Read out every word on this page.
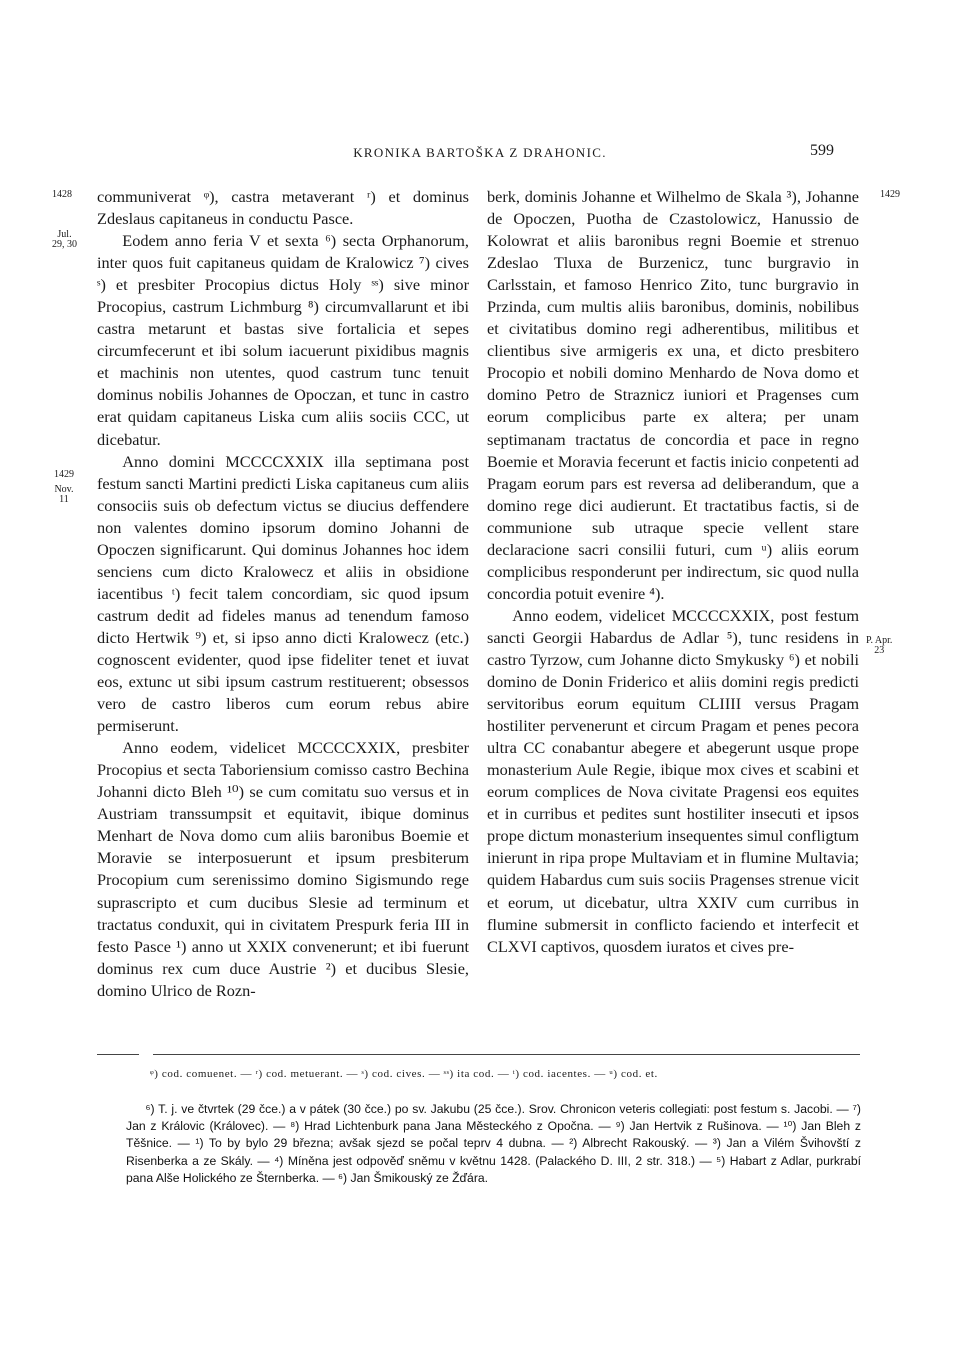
KRONIKA BARTOŠKA Z DRAHONIC.	599
1428
Jul.
29, 30
1429
Nov.
11
1429
P. Apr.
23

communiverat ᵠ), castra metaverant ʳ) et dominus Zdeslaus capitaneus in conductu Pasce.

Eodem anno feria V et sexta ⁶) secta Orphanorum, inter quos fuit capitaneus quidam de Kralowicz ⁷) cives ˢ) et presbiter Procopius dictus Holy ˢˢ) sive minor Procopius, castrum Lichmburg ⁸) circumvallarunt et ibi castra metarunt et bastas sive fortalicia et sepes circumfecerunt et ibi solum iacuerunt pixidibus magnis et machinis non utentes, quod castrum tunc tenuit dominus nobilis Johannes de Opoczan, et tunc in castro erat quidam capitaneus Liska cum aliis sociis CCC, ut dicebatur.

Anno domini MCCCCXXIX illa septimana post festum sancti Martini predicti Liska capitaneus cum aliis consociis suis ob defectum victus se diucius deffendere non valentes domino ipsorum domino Johanni de Opoczen significarunt. Qui dominus Johannes hoc idem senciens cum dicto Kralowecz et aliis in obsidione iacentibus ᵗ) fecit talem concordiam, sic quod ipsum castrum dedit ad fideles manus ad tenendum famoso dicto Hertwik ⁹) et, si ipso anno dicti Kralowecz (etc.) cognoscent evidenter, quod ipse fideliter tenet et iuvat eos, extunc ut sibi ipsum castrum restituerent; obsessos vero de castro liberos cum eorum rebus abire permiserunt.

Anno eodem, videlicet MCCCCXXIX, presbiter Procopius et secta Taboriensium comisso castro Bechina Johanni dicto Bleh ¹⁰) se cum comitatu suo versus et in Austriam transsumpsit et equitavit, ibique dominus Menhart de Nova domo cum aliis baronibus Boemie et Moravie se interposuerunt et ipsum presbiterum Procopium cum serenissimo domino Sigismundo rege suprascripto et cum ducibus Slesie ad terminum et tractatus conduxit, qui in civitatem Prespurk feria III in festo Pasce ¹) anno ut XXIX convenerunt; et ibi fuerunt dominus rex cum duce Austrie ²) et ducibus Slesie, domino Ulrico de Rozn-

berk, dominis Johanne et Wilhelmo de Skala ³), Johanne de Opoczen, Puotha de Czastolowicz, Hanussio de Kolowrat et aliis baronibus regni Boemie et strenuo Zdeslao Tluxa de Burzenicz, tunc burgravio in Carlsstain, et famoso Henrico Zito, tunc burgravio in Przinda, cum multis aliis baronibus, dominis, nobilibus et civitatibus domino regi adherentibus, militibus et clientibus sive armigeris ex una, et dicto presbitero Procopio et nobili domino Menhardo de Nova domo et domino Petro de Straznicz iuniori et Pragenses cum eorum complicibus parte ex altera; per unam septimanam tractatus de concordia et pace in regno Boemie et Moravia fecerunt et factis inicio conpetenti ad Pragam eorum pars est reversa ad deliberandum, que a domino rege dici audierunt. Et tractatibus factis, si de communione sub utraque specie vellent stare declaracione sacri consilii futuri, cum ᵘ) aliis eorum complicibus responderunt per indirectum, sic quod nulla concordia potuit evenire ⁴).

Anno eodem, videlicet MCCCCXXIX, post festum sancti Georgii Habardus de Adlar ⁵), tunc residens in castro Tyrzow, cum Johanne dicto Smykusky ⁶) et nobili domino de Donin Friderico et aliis domini regis predicti servitoribus eorum equitum CLIIII versus Pragam hostiliter pervenerunt et circum Pragam et penes pecora ultra CC conabantur abegere et abegerunt usque prope monasterium Aule Regie, ibique mox cives et scabini et eorum complices de Nova civitate Pragensi eos equites et in curribus et pedites sunt hostiliter insecuti et ipsos prope dictum monasterium insequentes simul confligtum inierunt in ripa prope Multaviam et in flumine Multavia; quidem Habardus cum suis sociis Pragenses strenue vicit et eorum, ut dicebatur, ultra XXIV cum curribus in flumine submersit in conflicto faciendo et interfecit et CLXVI captivos, quosdem iuratos et cives pre-

ᵠ) cod. comuenet. — ʳ) cod. metuerant. — ˢ) cod. cives. — ˢˢ) ita cod. — ᵗ) cod. iacentes. — ᵘ) cod. et.

⁶) T. j. ve čtvrtek (29 čce.) a v pátek (30 čce.) po sv. Jakubu (25 čce.). Srov. Chronicon veteris collegiati: post festum s. Jacobi. — ⁷) Jan z Královic (Královec). — ⁸) Hrad Lichtenburk pana Jana Městeckého z Opočna. — ⁹) Jan Hertvik z Rušinova. — ¹⁰) Jan Bleh z Těšnice. — ¹) To by bylo 29 března; avšak sjezd se počal teprv 4 dubna. — ²) Albrecht Rakouský. — ³) Jan a Vilém Švihovští z Risenberka a ze Skály. — ⁴) Míněna jest odpověď sněmu v květnu 1428. (Palackého D. III, 2 str. 318.) — ⁵) Habart z Adlar, purkrabí pana Alše Holického ze Šternberka. — ⁶) Jan Šmikouský ze Žďára.
